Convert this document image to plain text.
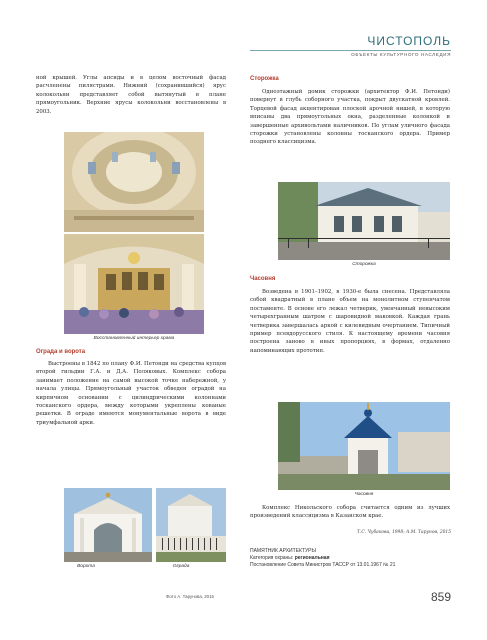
ЧИСТОПОЛЬ
ОБЪЕКТЫ КУЛЬТУРНОГО НАСЛЕДИЯ
ной крышей. Углы апсиды и в целом восточный фасад расчленены пилястрами. Нижний (сохранившийся) ярус колокольни представляет собой вытянутый в плане прямоугольник. Верхние ярусы колокольни восстановлены в 2003.
Восстановленный интерьер храма
Ограда и ворота
Выстроены в 1842 по плану Ф.И. Петонди на средства купцов второй гильдии Г.А. и Д.А. Поляковых. Комплекс собора занимает положение на самой высокой точке набережной, у начала улицы. Прямоугольный участок обведен оградой на кирпичном основании с цилиндрическими колоннами тосканского ордера, между которыми укреплены кованые решетки. В ограде имеются монументальные ворота в виде триумфальной арки.
Ворота	Ограда
Фото А. Тарунова, 2015
Сторожка
Одноэтажный домик сторожки (архитектор Ф.И. Петонди) повернут в глубь соборного участка, покрыт двускатной кровлей. Торцевой фасад акцентирован плоской арочной нишей, в которую вписаны два прямоугольных окна, разделенные колонкой и завершенные архивольтами наличников. По углам уличного фасада сторожки установлены колонны тосканского ордера. Пример позднего классицизма.
Сторожка
Часовня
Возведена в 1901–1902, в 1930-е была снесена. Представляла собой квадратный в плане объем на монолитном ступенчатом постаменте. В основе его лежал четверик, увенчанный невысоким четырехгранным шатром с шаровидной маковкой. Каждая грань четверика завершалась аркой с килевидным очертанием. Типичный пример псевдорусского стиля. К настоящему времени часовня построена заново в иных пропорциях, в формах, отдаленно напоминающих прототип.
Часовня
Комплекс Никольского собора считается одним из лучших произведений классицизма в Казанском крае.
Т.С. Чубакова, 1998; А.М. Тарунов, 2015
ПАМЯТНИК АРХИТЕКТУРЫ
Категория охраны: региональная
Постановление Совета Министров ТАССР от 13.01.1967 № 21
859
